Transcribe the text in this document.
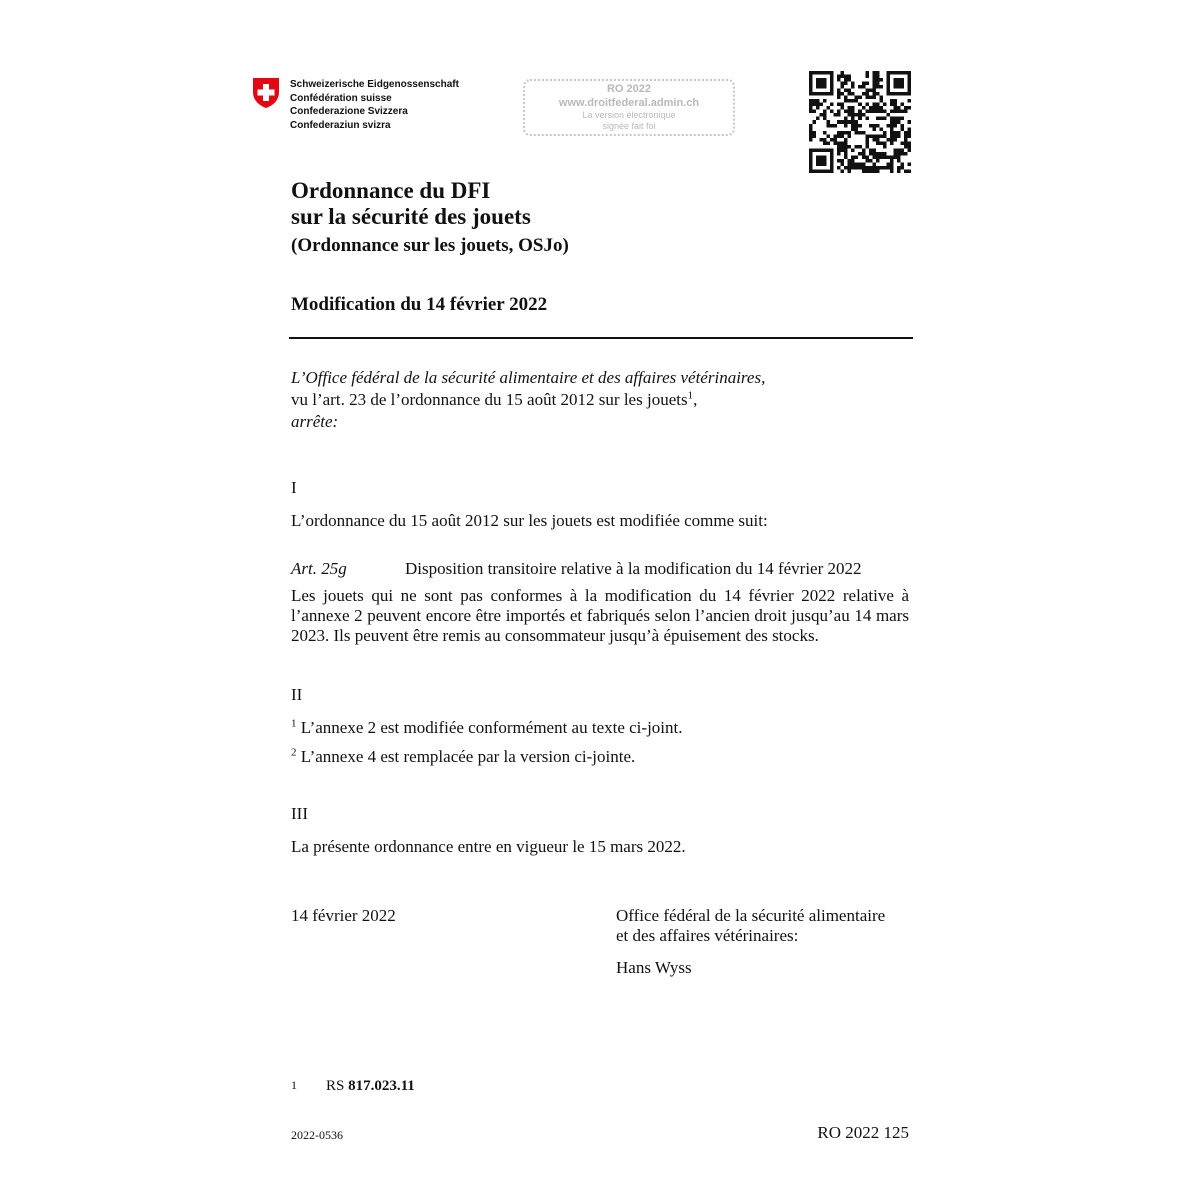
Schweizerische Eidgenossenschaft
Confédération suisse
Confederazione Svizzera
Confederaziun svizra
RO 2022
www.droitfederal.admin.ch
La version électronique
signée fait foi
Ordonnance du DFI
sur la sécurité des jouets
(Ordonnance sur les jouets, OSJo)
Modification du 14 février 2022
L’Office fédéral de la sécurité alimentaire et des affaires vétérinaires,
vu l’art. 23 de l’ordonnance du 15 août 2012 sur les jouets$^1$,
arrête:
I
L’ordonnance du 15 août 2012 sur les jouets est modifiée comme suit:
Art. 25g	Disposition transitoire relative à la modification du 14 février 2022
Les jouets qui ne sont pas conformes à la modification du 14 février 2022 relative à l’annexe 2 peuvent encore être importés et fabriqués selon l’ancien droit jusqu’au 14 mars 2023. Ils peuvent être remis au consommateur jusqu’à épuisement des stocks.
II
$^1$ L’annexe 2 est modifiée conformément au texte ci-joint.
$^2$ L’annexe 4 est remplacée par la version ci-jointe.
III
La présente ordonnance entre en vigueur le 15 mars 2022.
14 février 2022	Office fédéral de la sécurité alimentaire
et des affaires vétérinaires:
Hans Wyss
1 RS 817.023.11
2022-0536	RO 2022 125
